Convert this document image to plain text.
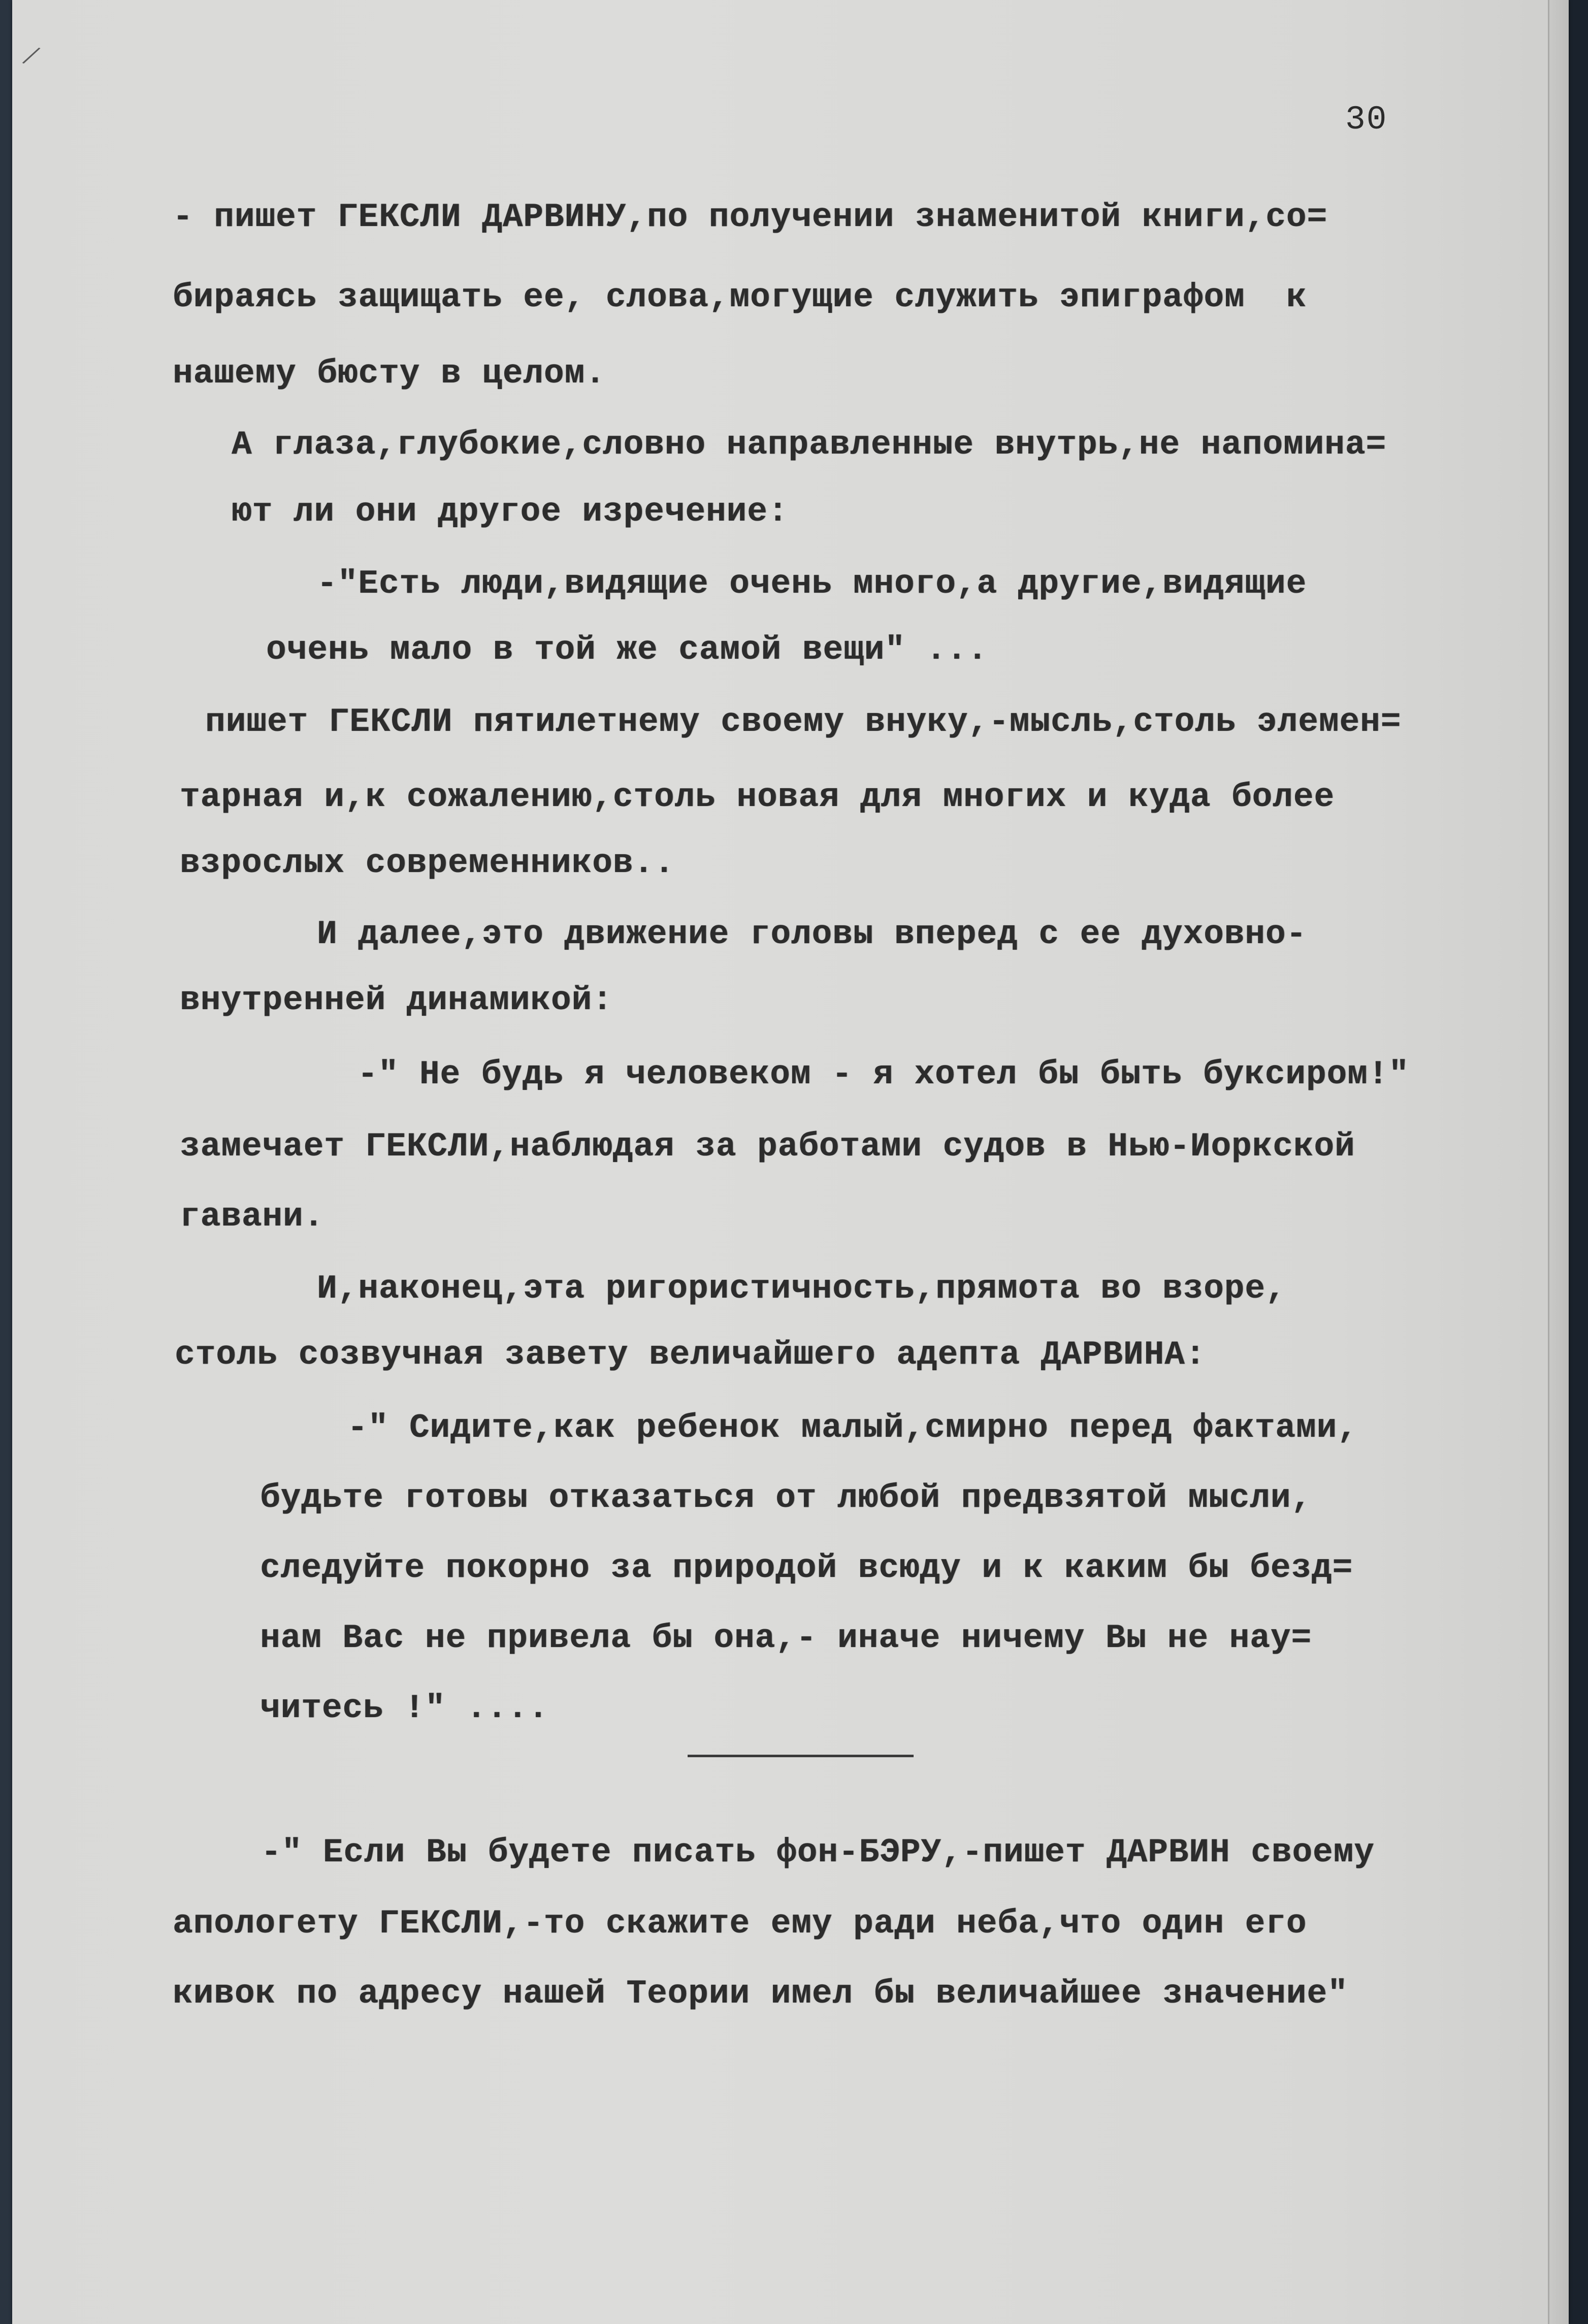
⁄
30
- пишет ГЕКСЛИ ДАРВИНУ,по получении знаменитой книги,со=
бираясь защищать ее, слова,могущие служить эпиграфом  к
нашему бюсту в целом.
А глаза,глубокие,словно направленные внутрь,не напомина=
ют ли они другое изречение:
-"Есть люди,видящие очень много,а другие,видящие
очень мало в той же самой вещи" ...
пишет ГЕКСЛИ пятилетнему своему внуку,-мысль,столь элемен=
тарная и,к сожалению,столь новая для многих и куда более
взрослых современников..
И далее,это движение головы вперед с ее духовно-
внутренней динамикой:
-" Не будь я человеком - я хотел бы быть буксиром!"
замечает ГЕКСЛИ,наблюдая за работами судов в Нью-Иоркской
гавани.
И,наконец,эта ригористичность,прямота во взоре,
столь созвучная завету величайшего адепта ДАРВИНА:
-" Сидите,как ребенок малый,смирно перед фактами,
будьте готовы отказаться от любой предвзятой мысли,
следуйте покорно за природой всюду и к каким бы безд=
нам Вас не привела бы она,- иначе ничему Вы не нау=
читесь !" ....
-" Если Вы будете писать фон-БЭРУ,-пишет ДАРВИН своему
апологету ГЕКСЛИ,-то скажите ему ради неба,что один его
кивок по адресу нашей Теории имел бы величайшее значение"
